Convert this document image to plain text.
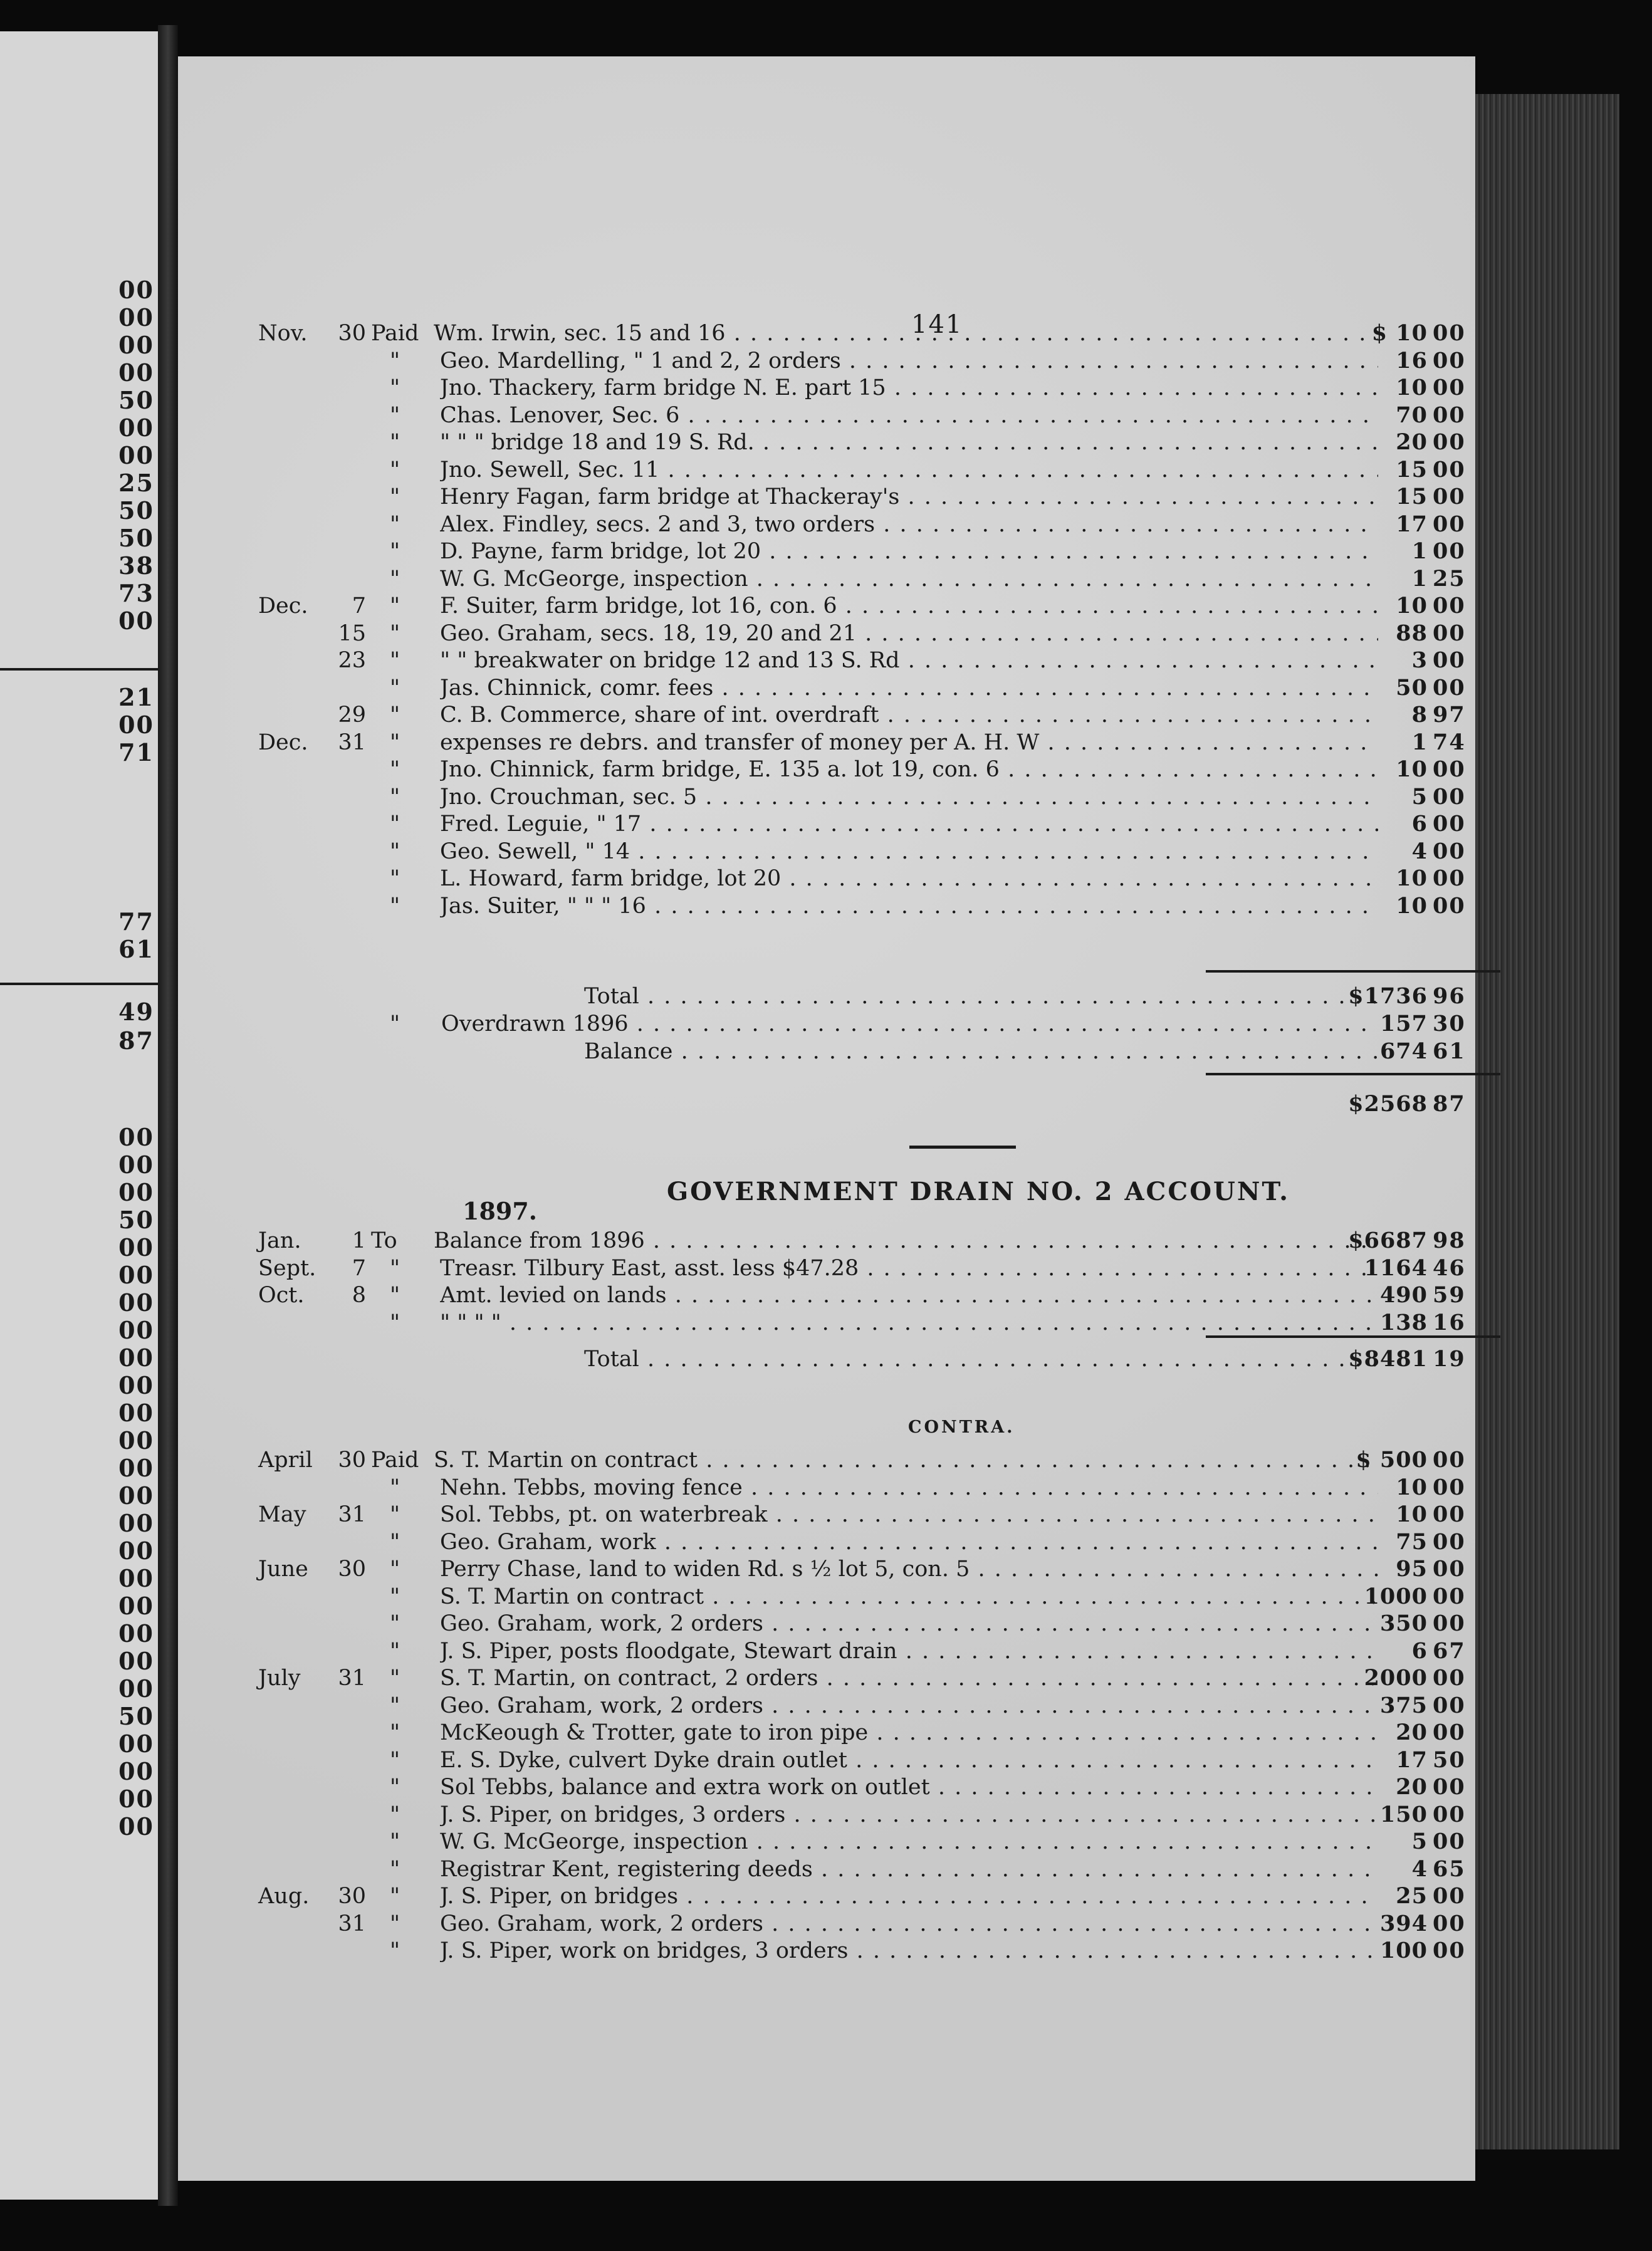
00
00
00
00
50
00
00
25
50
50
38
73
00
21
00
71
77
61
49
87
00
00
00
50
00
00
00
00
00
00
00
00
00
00
00
00
00
00
00
00
00
50
00
00
00
00
141
Nov.	30 Paid Wm. Irwin, sec. 15 and 16 . . .	$ 10 00
" Geo. Mardelling, " 1 and 2, 2 orders . . .	16 00
" Jno. Thackery, farm bridge N. E. part 15 . . .	10 00
" Chas. Lenover, Sec. 6 . . .	70 00
" " " " bridge 18 and 19 S. Rd. . . .	20 00
" Jno. Sewell, Sec. 11 . . .	15 00
" Henry Fagan, farm bridge at Thackeray's . . .	15 00
" Alex. Findley, secs. 2 and 3, two orders . . .	17 00
" D. Payne, farm bridge, lot 20 . . .	1 00
" W. G. McGeorge, inspection . . .	1 25
Dec.	7 " F. Suiter, farm bridge, lot 16, con. 6 . . .	10 00
15 " Geo. Graham, secs. 18, 19, 20 and 21 . . .	88 00
23 " " " breakwater on bridge 12 and 13 S. Rd . . .	3 00
" Jas. Chinnick, comr. fees . . .	50 00
29 " C. B. Commerce, share of int. overdraft . . .	8 97
Dec.	31 " expenses re debrs. and transfer of money per A. H. W . . .	1 74
" Jno. Chinnick, farm bridge, E. 135 a. lot 19, con. 6 . . .	10 00
" Jno. Crouchman, sec. 5 . . .	5 00
" Fred. Leguie, " 17 . . .	6 00
" Geo. Sewell, " 14 . . .	4 00
" L. Howard, farm bridge, lot 20 . . .	10 00
" Jas. Suiter, " " " 16 . . .	10 00
Total . . .	$1736 96
" Overdrawn 1896 . . .	157 30
Balance . . .	674 61
$2568 87
GOVERNMENT DRAIN NO. 2 ACCOUNT.
1897.
Jan.	1 To Balance from 1896 . . .	$6687 98
Sept.	7 " Treasr. Tilbury East, asst. less $47.28 . . .	1164 46
Oct.	8 " Amt. levied on lands . . .	490 59
" " " " " . . .	138 16
Total . . .	$8481 19
CONTRA.
April	30 Paid S. T. Martin on contract . . .	$ 500 00
" Nehn. Tebbs, moving fence . . .	10 00
May	31 " Sol. Tebbs, pt. on waterbreak . . .	10 00
" Geo. Graham, work . . .	75 00
June	30 " Perry Chase, land to widen Rd. s ½ lot 5, con. 5 . . .	95 00
" S. T. Martin on contract . . .	1000 00
" Geo. Graham, work, 2 orders . . .	350 00
" J. S. Piper, posts floodgate, Stewart drain . . .	6 67
July	31 " S. T. Martin, on contract, 2 orders . . .	2000 00
" Geo. Graham, work, 2 orders . . .	375 00
" McKeough & Trotter, gate to iron pipe . . .	20 00
" E. S. Dyke, culvert Dyke drain outlet . . .	17 50
" Sol Tebbs, balance and extra work on outlet . . .	20 00
" J. S. Piper, on bridges, 3 orders . . .	150 00
" W. G. McGeorge, inspection . . .	5 00
" Registrar Kent, registering deeds . . .	4 65
Aug.	30 " J. S. Piper, on bridges . . .	25 00
31 " Geo. Graham, work, 2 orders . . .	394 00
" J. S. Piper, work on bridges, 3 orders . . .	100 00
